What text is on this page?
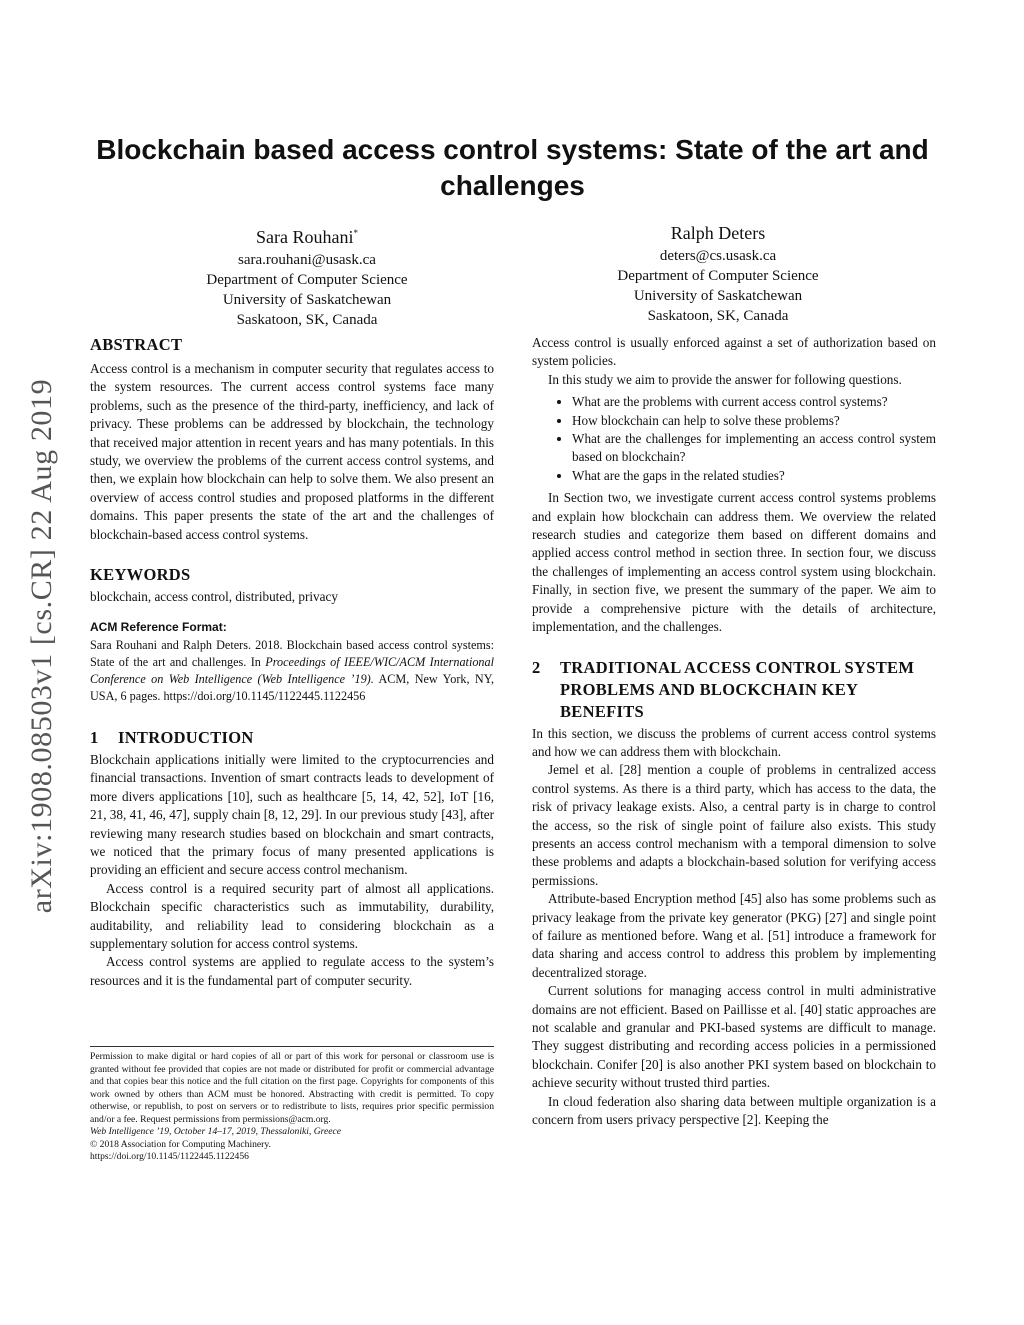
arXiv:1908.08503v1 [cs.CR] 22 Aug 2019
Blockchain based access control systems: State of the art and challenges
Sara Rouhani*
sara.rouhani@usask.ca
Department of Computer Science
University of Saskatchewan
Saskatoon, SK, Canada
Ralph Deters
deters@cs.usask.ca
Department of Computer Science
University of Saskatchewan
Saskatoon, SK, Canada
ABSTRACT

Access control is a mechanism in computer security that regulates access to the system resources. The current access control systems face many problems, such as the presence of the third-party, inefficiency, and lack of privacy. These problems can be addressed by blockchain, the technology that received major attention in recent years and has many potentials. In this study, we overview the problems of the current access control systems, and then, we explain how blockchain can help to solve them. We also present an overview of access control studies and proposed platforms in the different domains. This paper presents the state of the art and the challenges of blockchain-based access control systems.

KEYWORDS

blockchain, access control, distributed, privacy

ACM Reference Format:

Sara Rouhani and Ralph Deters. 2018. Blockchain based access control systems: State of the art and challenges. In Proceedings of IEEE/WIC/ACM International Conference on Web Intelligence (Web Intelligence ’19). ACM, New York, NY, USA, 6 pages. https://doi.org/10.1145/1122445.1122456

1 INTRODUCTION

Blockchain applications initially were limited to the cryptocurrencies and financial transactions. Invention of smart contracts leads to development of more divers applications [10], such as healthcare [5, 14, 42, 52], IoT [16, 21, 38, 41, 46, 47], supply chain [8, 12, 29]. In our previous study [43], after reviewing many research studies based on blockchain and smart contracts, we noticed that the primary focus of many presented applications is providing an efficient and secure access control mechanism.

Access control is a required security part of almost all applications. Blockchain specific characteristics such as immutability, durability, auditability, and reliability lead to considering blockchain as a supplementary solution for access control systems.

Access control systems are applied to regulate access to the system’s resources and it is the fundamental part of computer security.

Permission to make digital or hard copies of all or part of this work for personal or classroom use is granted without fee provided that copies are not made or distributed for profit or commercial advantage and that copies bear this notice and the full citation on the first page. Copyrights for components of this work owned by others than ACM must be honored. Abstracting with credit is permitted. To copy otherwise, or republish, to post on servers or to redistribute to lists, requires prior specific permission and/or a fee. Request permissions from permissions@acm.org.

Web Intelligence ’19, October 14–17, 2019, Thessaloniki, Greece

© 2018 Association for Computing Machinery.

https://doi.org/10.1145/1122445.1122456

Access control is usually enforced against a set of authorization based on system policies.

In this study we aim to provide the answer for following questions.

• What are the problems with current access control systems?
• How blockchain can help to solve these problems?
• What are the challenges for implementing an access control system based on blockchain?
• What are the gaps in the related studies?

In Section two, we investigate current access control systems problems and explain how blockchain can address them. We overview the related research studies and categorize them based on different domains and applied access control method in section three. In section four, we discuss the challenges of implementing an access control system using blockchain. Finally, in section five, we present the summary of the paper. We aim to provide a comprehensive picture with the details of architecture, implementation, and the challenges.

2	TRADITIONAL ACCESS CONTROL SYSTEM PROBLEMS AND BLOCKCHAIN KEY BENEFITS

In this section, we discuss the problems of current access control systems and how we can address them with blockchain.

Jemel et al. [28] mention a couple of problems in centralized access control systems. As there is a third party, which has access to the data, the risk of privacy leakage exists. Also, a central party is in charge to control the access, so the risk of single point of failure also exists. This study presents an access control mechanism with a temporal dimension to solve these problems and adapts a blockchain-based solution for verifying access permissions.

Attribute-based Encryption method [45] also has some problems such as privacy leakage from the private key generator (PKG) [27] and single point of failure as mentioned before. Wang et al. [51] introduce a framework for data sharing and access control to address this problem by implementing decentralized storage.

Current solutions for managing access control in multi administrative domains are not efficient. Based on Paillisse et al. [40] static approaches are not scalable and granular and PKI-based systems are difficult to manage. They suggest distributing and recording access policies in a permissioned blockchain. Conifer [20] is also another PKI system based on blockchain to achieve security without trusted third parties.

In cloud federation also sharing data between multiple organization is a concern from users privacy perspective [2]. Keeping the
